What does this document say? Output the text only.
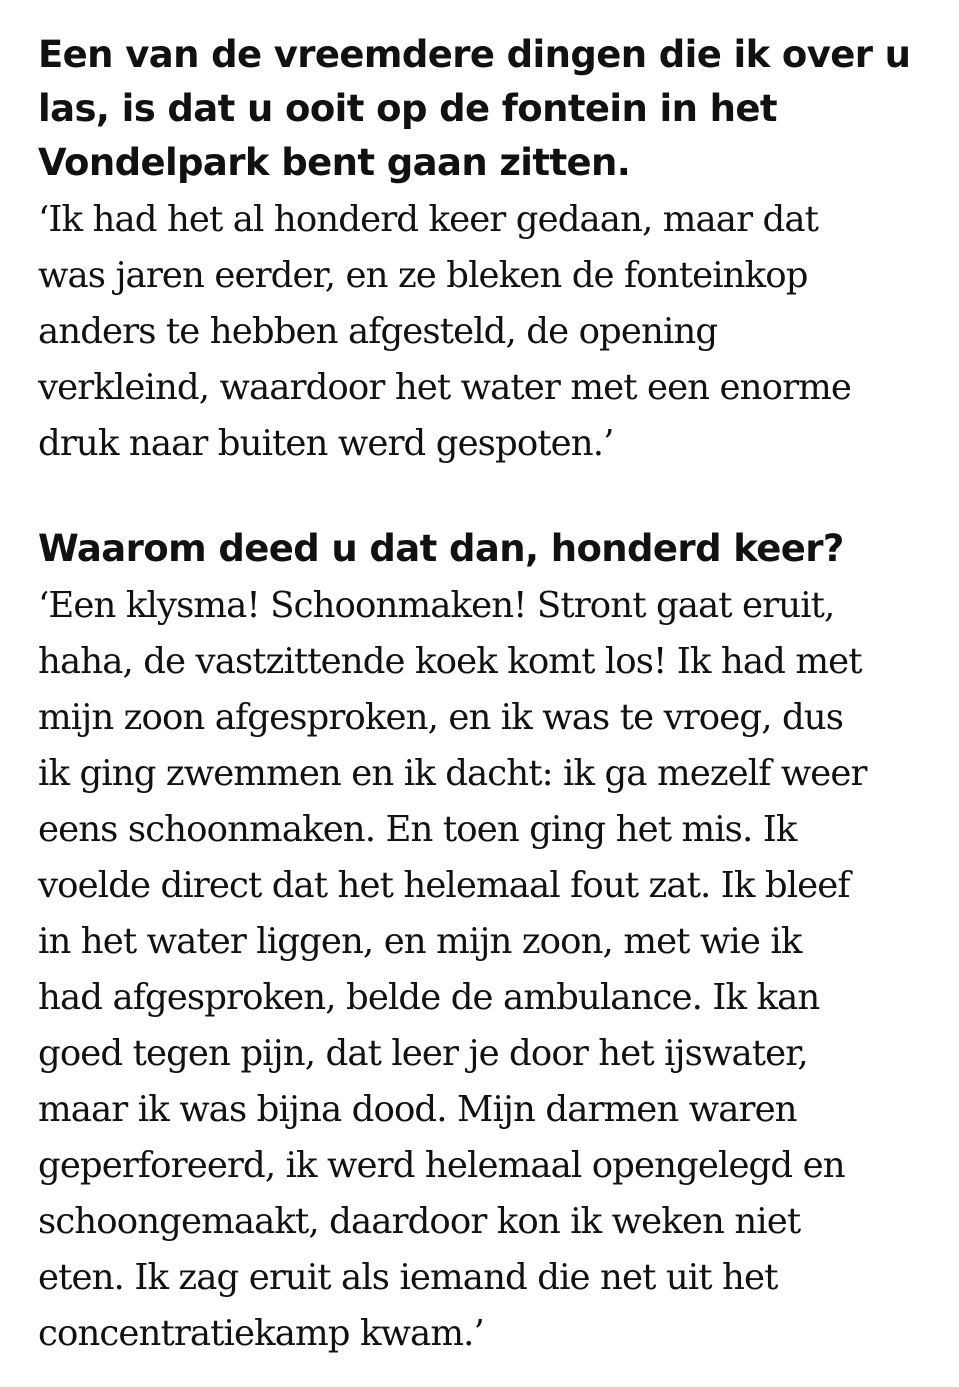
Een van de vreemdere dingen die ik over u
las, is dat u ooit op de fontein in het
Vondelpark bent gaan zitten.

‘Ik had het al honderd keer gedaan, maar dat
was jaren eerder, en ze bleken de fonteinkop
anders te hebben afgesteld, de opening
verkleind, waardoor het water met een enorme
druk naar buiten werd gespoten.’

Waarom deed u dat dan, honderd keer?

‘Een klysma! Schoonmaken! Stront gaat eruit,
haha, de vastzittende koek komt los! Ik had met
mijn zoon afgesproken, en ik was te vroeg, dus
ik ging zwemmen en ik dacht: ik ga mezelf weer
eens schoonmaken. En toen ging het mis. Ik
voelde direct dat het helemaal fout zat. Ik bleef
in het water liggen, en mijn zoon, met wie ik
had afgesproken, belde de ambulance. Ik kan
goed tegen pijn, dat leer je door het ijswater,
maar ik was bijna dood. Mijn darmen waren
geperforeerd, ik werd helemaal opengelegd en
schoongemaakt, daardoor kon ik weken niet
eten. Ik zag eruit als iemand die net uit het
concentratiekamp kwam.’
